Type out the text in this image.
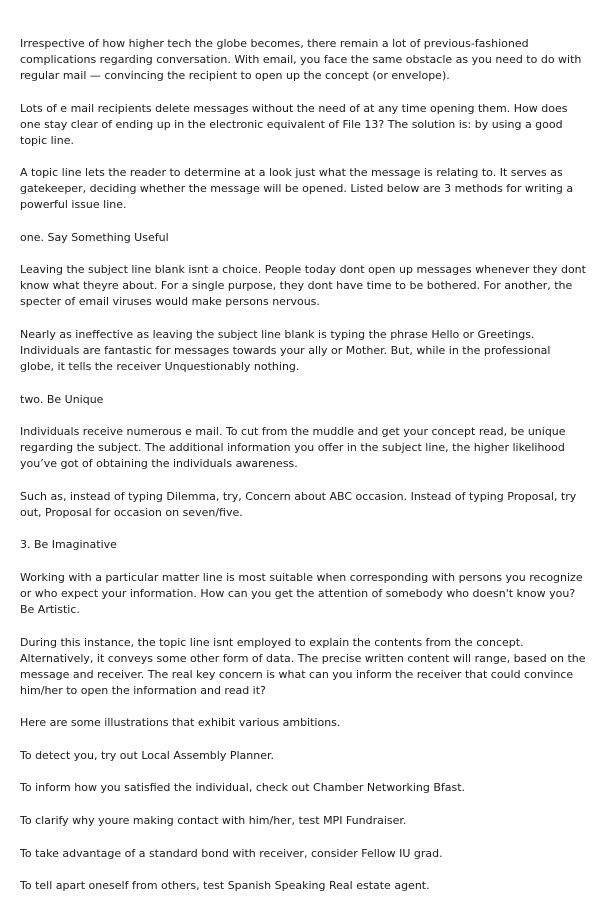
Irrespective of how higher tech the globe becomes, there remain a lot of previous-fashioned complications regarding conversation. With email, you face the same obstacle as you need to do with regular mail — convincing the recipient to open up the concept (or envelope).

Lots of e mail recipients delete messages without the need of at any time opening them. How does one stay clear of ending up in the electronic equivalent of File 13? The solution is: by using a good topic line.

A topic line lets the reader to determine at a look just what the message is relating to. It serves as gatekeeper, deciding whether the message will be opened. Listed below are 3 methods for writing a powerful issue line.

one. Say Something Useful

Leaving the subject line blank isnt a choice. People today dont open up messages whenever they dont know what theyre about. For a single purpose, they dont have time to be bothered. For another, the specter of email viruses would make persons nervous.

Nearly as ineffective as leaving the subject line blank is typing the phrase Hello or Greetings. Individuals are fantastic for messages towards your ally or Mother. But, while in the professional globe, it tells the receiver Unquestionably nothing.

two. Be Unique

Individuals receive numerous e mail. To cut from the muddle and get your concept read, be unique regarding the subject. The additional information you offer in the subject line, the higher likelihood you’ve got of obtaining the individuals awareness.

Such as, instead of typing Dilemma, try, Concern about ABC occasion. Instead of typing Proposal, try out, Proposal for occasion on seven/five.

3. Be Imaginative

Working with a particular matter line is most suitable when corresponding with persons you recognize or who expect your information. How can you get the attention of somebody who doesn't know you? Be Artistic.

During this instance, the topic line isnt employed to explain the contents from the concept. Alternatively, it conveys some other form of data. The precise written content will range, based on the message and receiver. The real key concern is what can you inform the receiver that could convince him/her to open the information and read it?

Here are some illustrations that exhibit various ambitions.

To detect you, try out Local Assembly Planner.

To inform how you satisfied the individual, check out Chamber Networking Bfast.

To clarify why youre making contact with him/her, test MPI Fundraiser.

To take advantage of a standard bond with receiver, consider Fellow IU grad.

To tell apart oneself from others, test Spanish Speaking Real estate agent.
